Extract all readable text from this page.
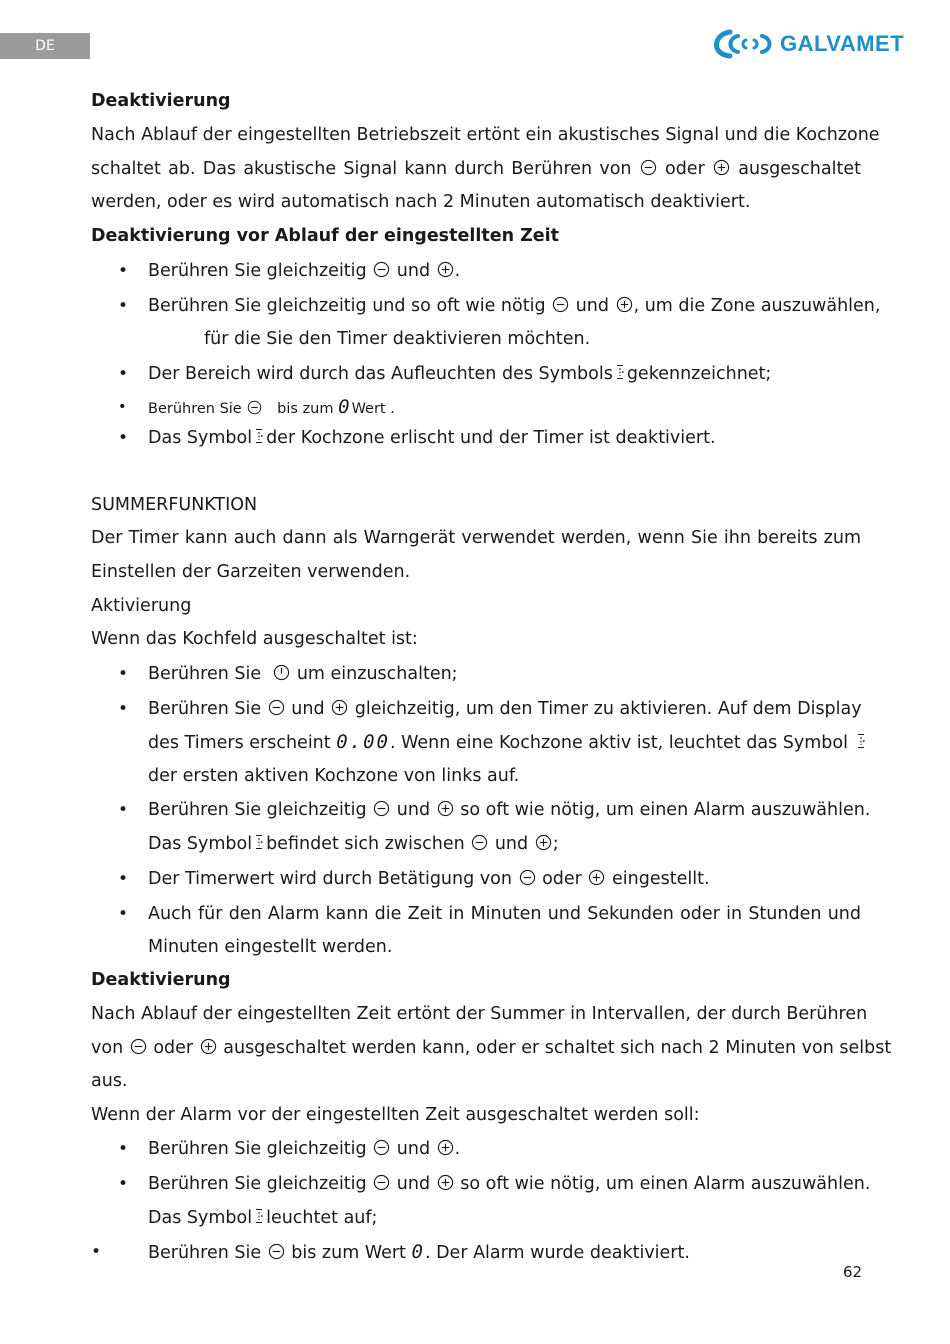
DE	GALVAMET
Deaktivierung
Nach Ablauf der eingestellten Betriebszeit ertönt ein akustisches Signal und die Kochzone
schaltet ab. Das akustische Signal kann durch Berühren von oder ausgeschaltet
werden, oder es wird automatisch nach 2 Minuten automatisch deaktiviert.
Deaktivierung vor Ablauf der eingestellten Zeit
• Berühren Sie gleichzeitig und .
• Berühren Sie gleichzeitig und so oft wie nötig und , um die Zone auszuwählen,
für die Sie den Timer deaktivieren möchten.
• Der Bereich wird durch das Aufleuchten des Symbols gekennzeichnet;
• Berühren Sie bis zum 0Wert .
• Das Symbol der Kochzone erlischt und der Timer ist deaktiviert.
SUMMERFUNKTION
Der Timer kann auch dann als Warngerät verwendet werden, wenn Sie ihn bereits zum
Einstellen der Garzeiten verwenden.
Aktivierung
Wenn das Kochfeld ausgeschaltet ist:
• Berühren Sie um einzuschalten;
• Berühren Sie und gleichzeitig, um den Timer zu aktivieren. Auf dem Display
des Timers erscheint 0.00. Wenn eine Kochzone aktiv ist, leuchtet das Symbol
der ersten aktiven Kochzone von links auf.
• Berühren Sie gleichzeitig und so oft wie nötig, um einen Alarm auszuwählen.
Das Symbol befindet sich zwischen und ;
• Der Timerwert wird durch Betätigung von oder eingestellt.
• Auch für den Alarm kann die Zeit in Minuten und Sekunden oder in Stunden und
Minuten eingestellt werden.
Deaktivierung
Nach Ablauf der eingestellten Zeit ertönt der Summer in Intervallen, der durch Berühren
von oder ausgeschaltet werden kann, oder er schaltet sich nach 2 Minuten von selbst
aus.
Wenn der Alarm vor der eingestellten Zeit ausgeschaltet werden soll:
• Berühren Sie gleichzeitig und .
• Berühren Sie gleichzeitig und so oft wie nötig, um einen Alarm auszuwählen.
Das Symbol leuchtet auf;
•	Berühren Sie bis zum Wert 0. Der Alarm wurde deaktiviert.
62
